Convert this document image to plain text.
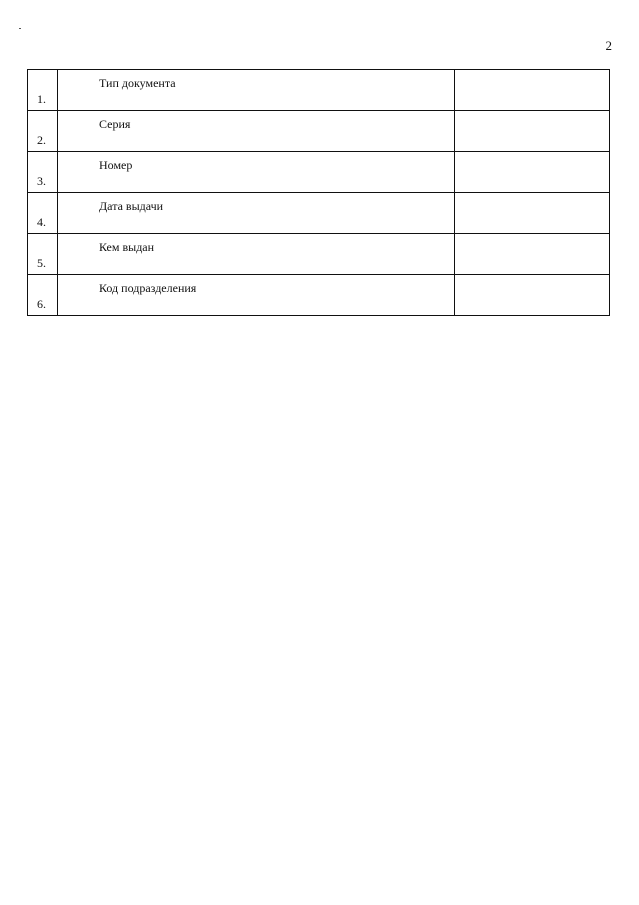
2
1.	Тип документа	

2.	Серия	

3.	Номер	

4.	Дата выдачи	

5.	Кем выдан	

6.	Код подразделения	
